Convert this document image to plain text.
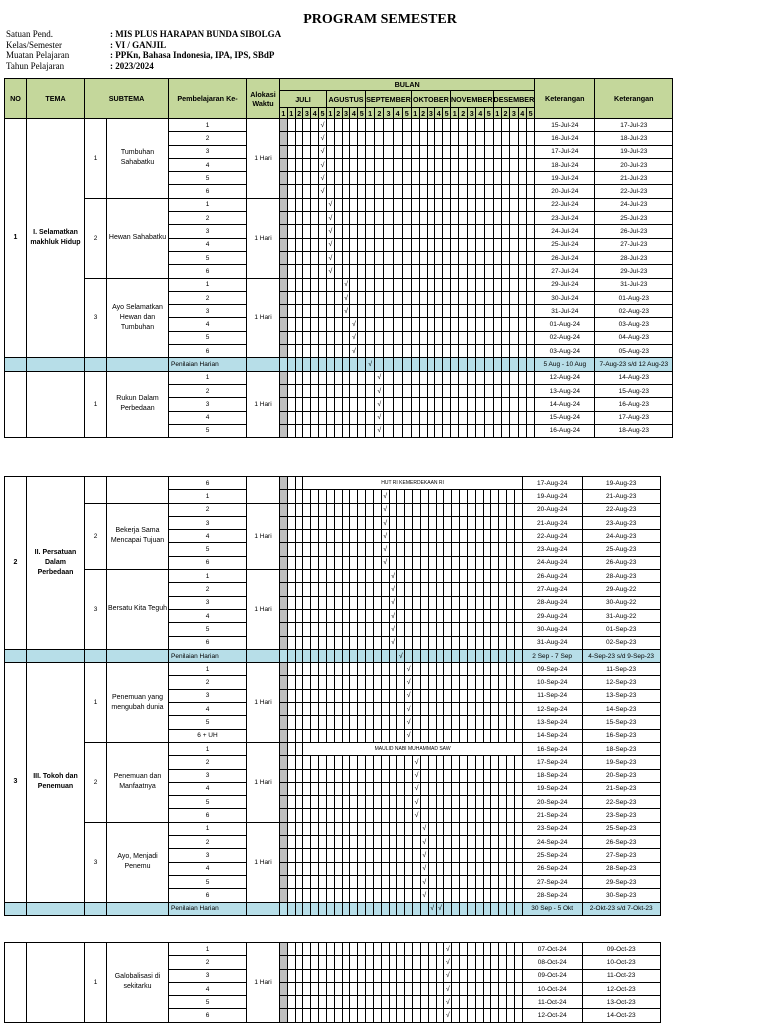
PROGRAM SEMESTER
Satuan Pend.	: MIS PLUS HARAPAN BUNDA SIBOLGA
Kelas/Semester	: VI / GANJIL
Muatan Pelajaran	: PPKn, Bahasa Indonesia, IPA, IPS, SBdP
Tahun Pelajaran	: 2023/2024
NO	TEMA	SUBTEMA		Pembelajaran Ke-	Alokasi Waktu	BULAN																															Keterangan	Keterangan
						JULI						AGUSTUS					SEPTEMBER					OKTOBER					NOVEMBER					DESEMBER						
						1	1	2	3	4	5	1	2	3	4	5	1	2	3	4	5	1	2	3	4	5	1	2	3	4	5	1	2	3	4	5		
1	I. Selamatkan makhluk Hidup	1	Tumbuhan Sahabatku	1	1 Hari						√																										15-Jul-24	17-Jul-23
				2							√																										16-Jul-24	18-Jul-23
				3							√																										17-Jul-24	19-Jul-23
				4							√																										18-Jul-24	20-Jul-23
				5							√																										19-Jul-24	21-Jul-23
				6							√																										20-Jul-24	22-Jul-23
		2	Hewan Sahabatku	1	1 Hari							√																									22-Jul-24	24-Jul-23
				2								√																									23-Jul-24	25-Jul-23
				3								√																									24-Jul-24	26-Jul-23
				4								√																									25-Jul-24	27-Jul-23
				5								√																									26-Jul-24	28-Jul-23
				6								√																									27-Jul-24	29-Jul-23
		3	Ayo Selamatkan Hewan dan Tumbuhan	1	1 Hari									√																							29-Jul-24	31-Jul-23
				2										√																							30-Jul-24	01-Aug-23
				3										√																							31-Jul-24	02-Aug-23
				4											√																						01-Aug-24	03-Aug-23
				5											√																						02-Aug-24	04-Aug-23
				6											√																						03-Aug-24	05-Aug-23
				Penilaian Harian													√																				5 Aug - 10 Aug	7-Aug-23 s/d 12 Aug-23
		1	Rukun Dalam Perbedaan	1	1 Hari													√																			12-Aug-24	14-Aug-23
				2														√																			13-Aug-24	15-Aug-23
				3														√																			14-Aug-24	16-Aug-23
				4														√																			15-Aug-24	17-Aug-23
				5														√																			16-Aug-24	18-Aug-23
2	II. Persatuan Dalam Perbedaan			6					HUT RI KEMERDEKAAN RI																												17-Aug-24	19-Aug-23
				1															√																		19-Aug-24	21-Aug-23
		2	Bekerja Sama Mencapai Tujuan	2	1 Hari														√																		20-Aug-24	22-Aug-23
				3															√																		21-Aug-24	23-Aug-23
				4															√																		22-Aug-24	24-Aug-23
				5															√																		23-Aug-24	25-Aug-23
				6															√																		24-Aug-24	26-Aug-23
		3	Bersatu Kita Teguh	1	1 Hari															√																	26-Aug-24	28-Aug-23
				2																√																	27-Aug-24	29-Aug-22
				3																√																	28-Aug-24	30-Aug-22
				4																√																	29-Aug-24	31-Aug-22
				5																√																	30-Aug-24	01-Sep-23
				6																√																	31-Aug-24	02-Sep-23
				Penilaian Harian																	√																2 Sep - 7 Sep	4-Sep-23 s/d 9-Sep-23
3	III. Tokoh dan Penemuan	1	Penemuan yang mengubah dunia	1	1 Hari																	√															09-Sep-24	11-Sep-23
				2																		√															10-Sep-24	12-Sep-23
				3																		√															11-Sep-24	13-Sep-23
				4																		√															12-Sep-24	14-Sep-23
				5																		√															13-Sep-24	15-Sep-23
				6 + UH																		√															14-Sep-24	16-Sep-23
		2	Penemuan dan Manfaatnya	1	1 Hari				MAULID NABI MUHAMMAD SAW																												16-Sep-24	18-Sep-23
				2																			√														17-Sep-24	19-Sep-23
				3																			√														18-Sep-24	20-Sep-23
				4																			√														19-Sep-24	21-Sep-23
				5																			√														20-Sep-24	22-Sep-23
				6																			√														21-Sep-24	23-Sep-23
		3	Ayo, Menjadi Penemu	1	1 Hari																			√													23-Sep-24	25-Sep-23
				2																				√													24-Sep-24	26-Sep-23
				3																				√													25-Sep-24	27-Sep-23
				4																				√													26-Sep-24	28-Sep-23
				5																				√													27-Sep-24	29-Sep-23
				6																				√													28-Sep-24	30-Sep-23
				Penilaian Harian																					√	√											30 Sep - 5 Okt	2-Okt-23 s/d 7-Okt-23
		1	Galobalisasi di sekitarku	1	1 Hari																						√										07-Oct-24	09-Oct-23
				2																							√										08-Oct-24	10-Oct-23
				3																							√										09-Oct-24	11-Oct-23
				4																							√										10-Oct-24	12-Oct-23
				5																							√										11-Oct-24	13-Oct-23
				6																							√										12-Oct-24	14-Oct-23
